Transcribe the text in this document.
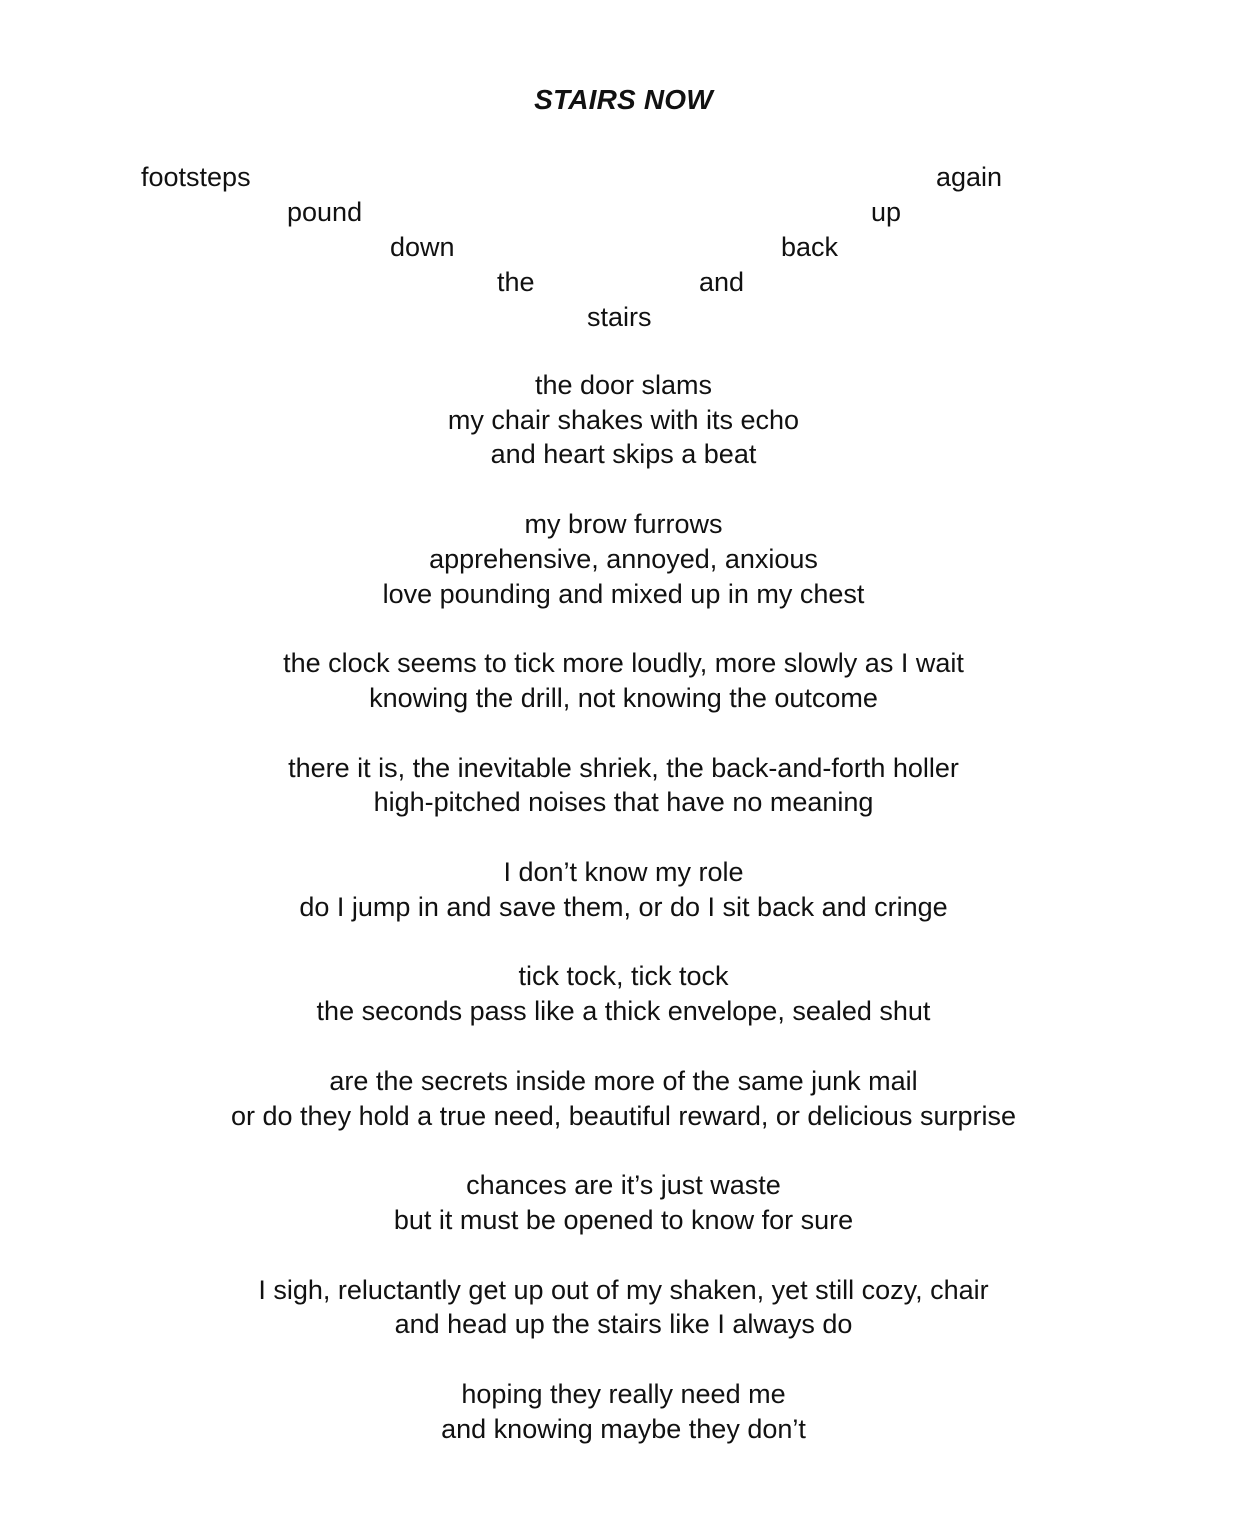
STAIRS NOW
footsteps
pound
down
the
stairs
and
back
up
again
the door slams
my chair shakes with its echo
and heart skips a beat
my brow furrows
apprehensive, annoyed, anxious
love pounding and mixed up in my chest
the clock seems to tick more loudly, more slowly as I wait
knowing the drill, not knowing the outcome
there it is, the inevitable shriek, the back-and-forth holler
high-pitched noises that have no meaning
I don’t know my role
do I jump in and save them, or do I sit back and cringe
tick tock, tick tock
the seconds pass like a thick envelope, sealed shut
are the secrets inside more of the same junk mail
or do they hold a true need, beautiful reward, or delicious surprise
chances are it’s just waste
but it must be opened to know for sure
I sigh, reluctantly get up out of my shaken, yet still cozy, chair
and head up the stairs like I always do
hoping they really need me
and knowing maybe they don’t
